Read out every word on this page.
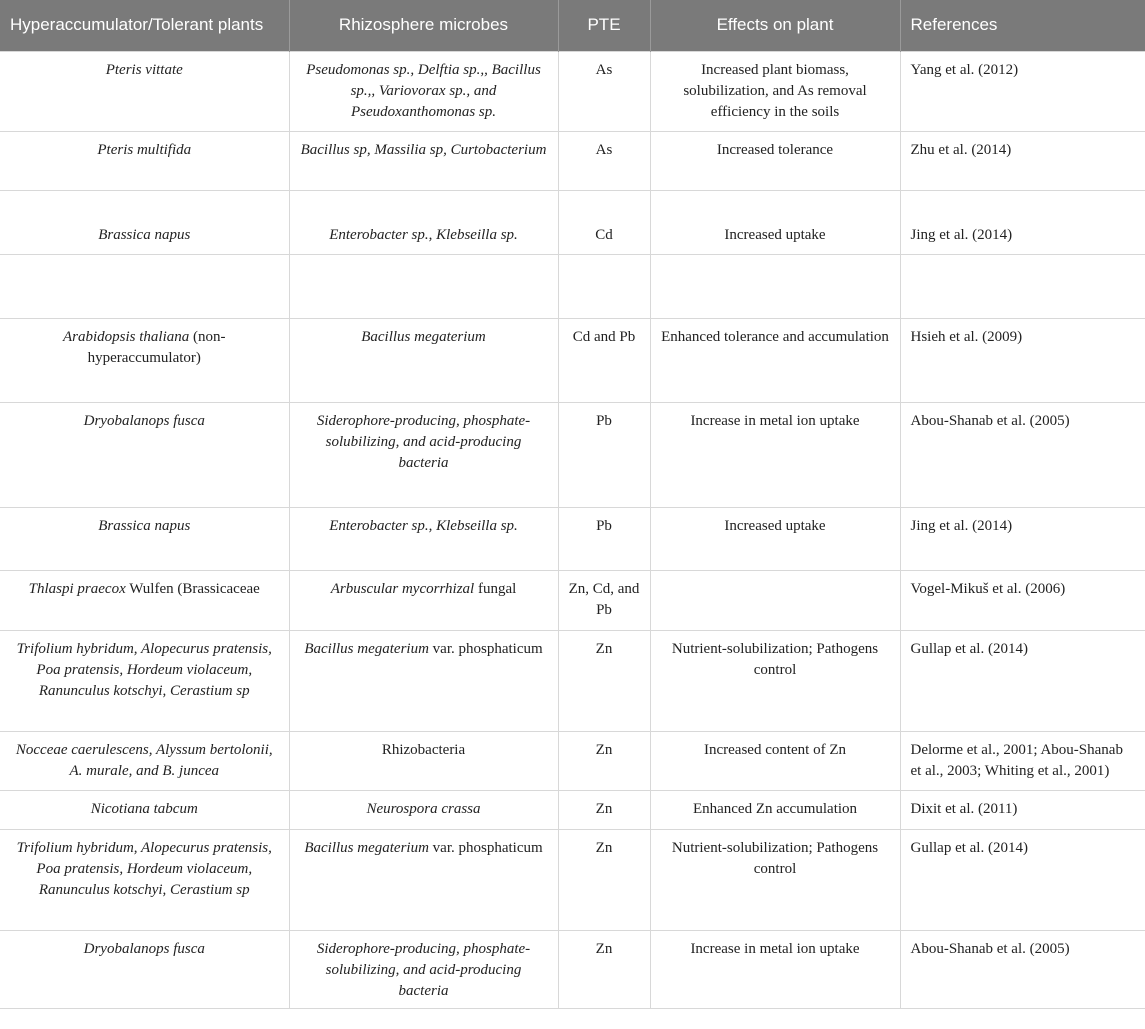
Hyperaccumulator/Tolerant plants	Rhizosphere microbes	PTE	Effects on plant	References
Pteris vittate	Pseudomonas sp., Delftia sp.,, Bacillus sp.,, Variovorax sp., and Pseudoxanthomonas sp.	As	Increased plant biomass, solubilization, and As removal efficiency in the soils	Yang et al. (2012)
Pteris multifida	Bacillus sp, Massilia sp, Curtobacterium	As	Increased tolerance	Zhu et al. (2014)
Brassica napus	Enterobacter sp., Klebseilla sp.	Cd	Increased uptake	Jing et al. (2014)

Arabidopsis thaliana (non-hyperaccumulator)	Bacillus megaterium	Cd and Pb	Enhanced tolerance and accumulation	Hsieh et al. (2009)
Dryobalanops fusca	Siderophore-producing, phosphate-solubilizing, and acid-producing bacteria	Pb	Increase in metal ion uptake	Abou-Shanab et al. (2005)
Brassica napus	Enterobacter sp., Klebseilla sp.	Pb	Increased uptake	Jing et al. (2014)
Thlaspi praecox Wulfen (Brassicaceae	Arbuscular mycorrhizal fungal	Zn, Cd, and Pb		Vogel-Mikuš et al. (2006)
Trifolium hybridum, Alopecurus pratensis, Poa pratensis, Hordeum violaceum, Ranunculus kotschyi, Cerastium sp	Bacillus megaterium var. phosphaticum	Zn	Nutrient-solubilization; Pathogens control	Gullap et al. (2014)
Nocceae caerulescens, Alyssum bertolonii, A. murale, and B. juncea	Rhizobacteria	Zn	Increased content of Zn	Delorme et al., 2001; Abou-Shanab et al., 2003; Whiting et al., 2001)
Nicotiana tabcum	Neurospora crassa	Zn	Enhanced Zn accumulation	Dixit et al. (2011)
Trifolium hybridum, Alopecurus pratensis, Poa pratensis, Hordeum violaceum, Ranunculus kotschyi, Cerastium sp	Bacillus megaterium var. phosphaticum	Zn	Nutrient-solubilization; Pathogens control	Gullap et al. (2014)
Dryobalanops fusca	Siderophore-producing, phosphate-solubilizing, and acid-producing bacteria	Zn	Increase in metal ion uptake	Abou-Shanab et al. (2005)
